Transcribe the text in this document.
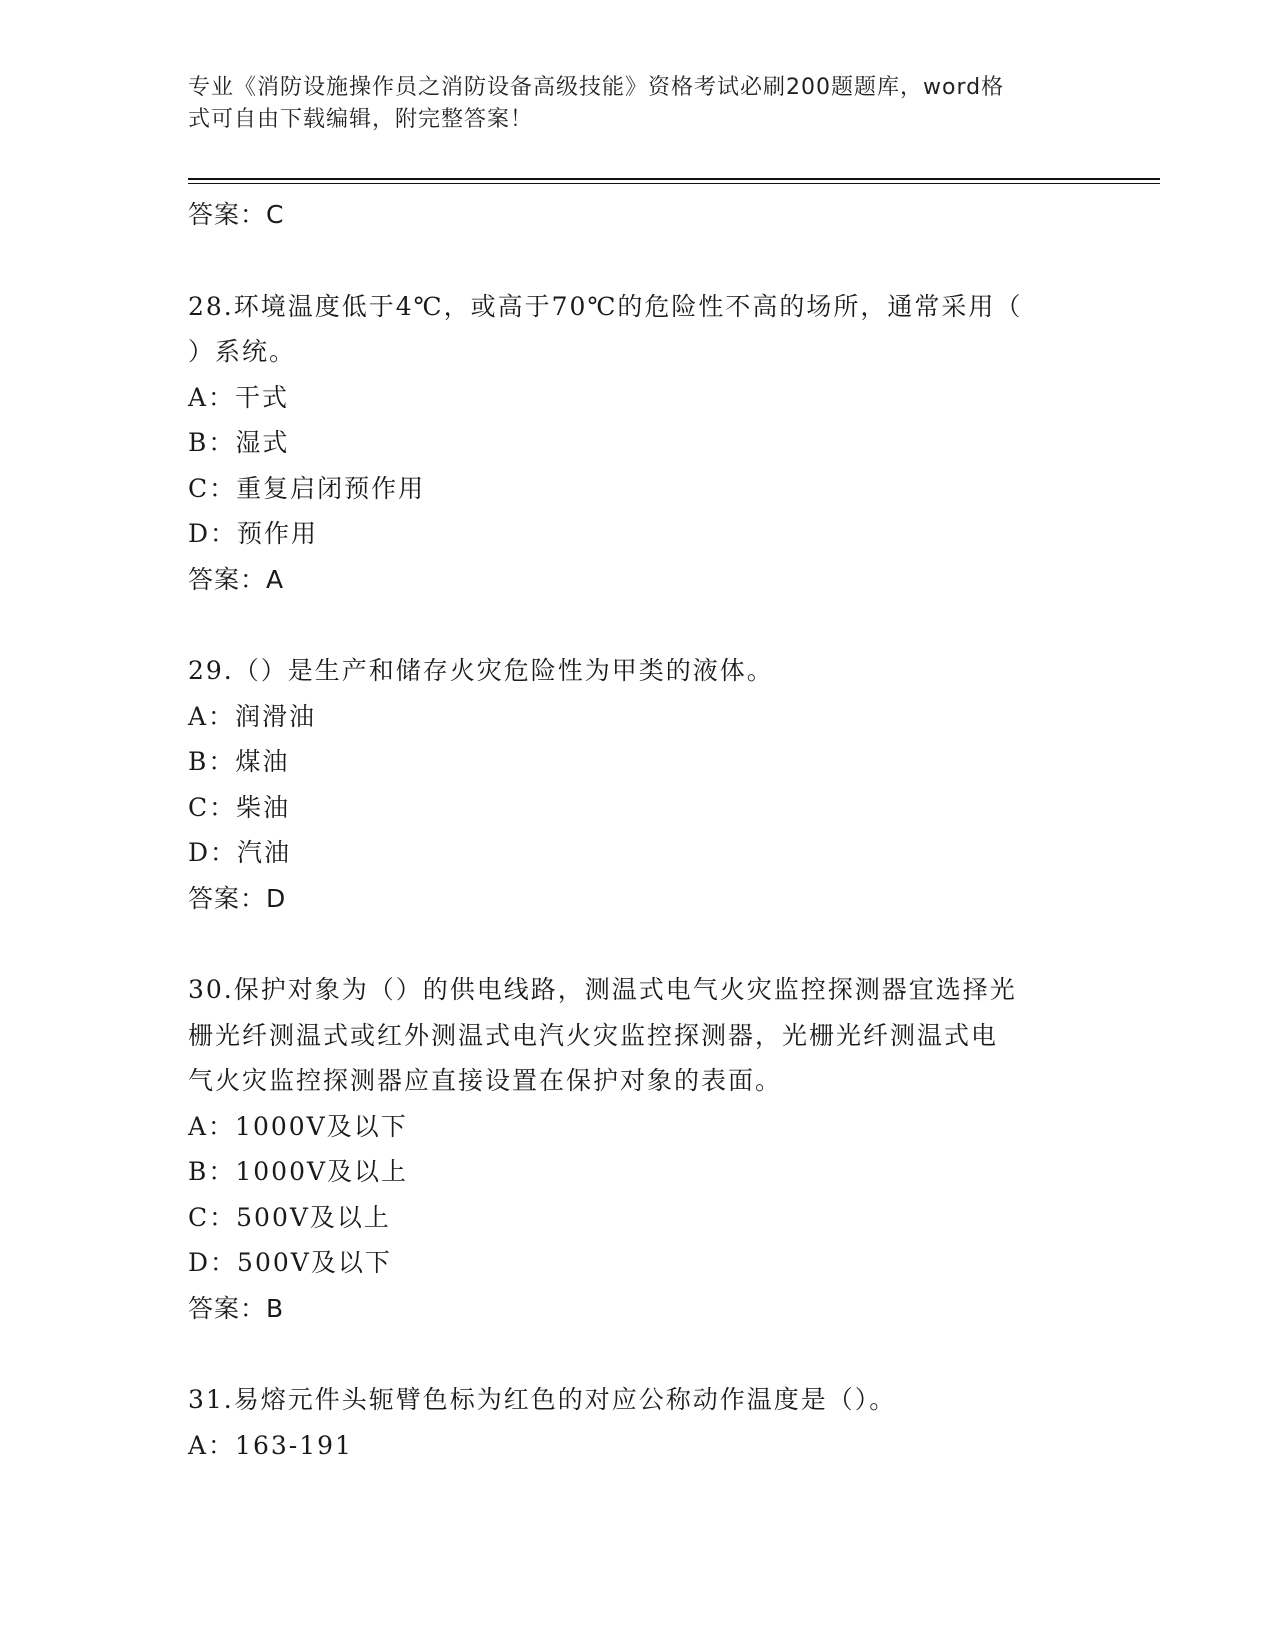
专业《消防设施操作员之消防设备高级技能》资格考试必刷200题题库，word格
式可自由下载编辑，附完整答案！
答案：C
28.环境温度低于4℃，或高于70℃的危险性不高的场所，通常采用（
）系统。
A：干式
B：湿式
C：重复启闭预作用
D：预作用
答案：A
29.（）是生产和储存火灾危险性为甲类的液体。
A：润滑油
B：煤油
C：柴油
D：汽油
答案：D
30.保护对象为（）的供电线路，测温式电气火灾监控探测器宜选择光
栅光纤测温式或红外测温式电汽火灾监控探测器，光栅光纤测温式电
气火灾监控探测器应直接设置在保护对象的表面。
A：1000V及以下
B：1000V及以上
C：500V及以上
D：500V及以下
答案：B
31.易熔元件头轭臂色标为红色的对应公称动作温度是（）。
A：163-191
